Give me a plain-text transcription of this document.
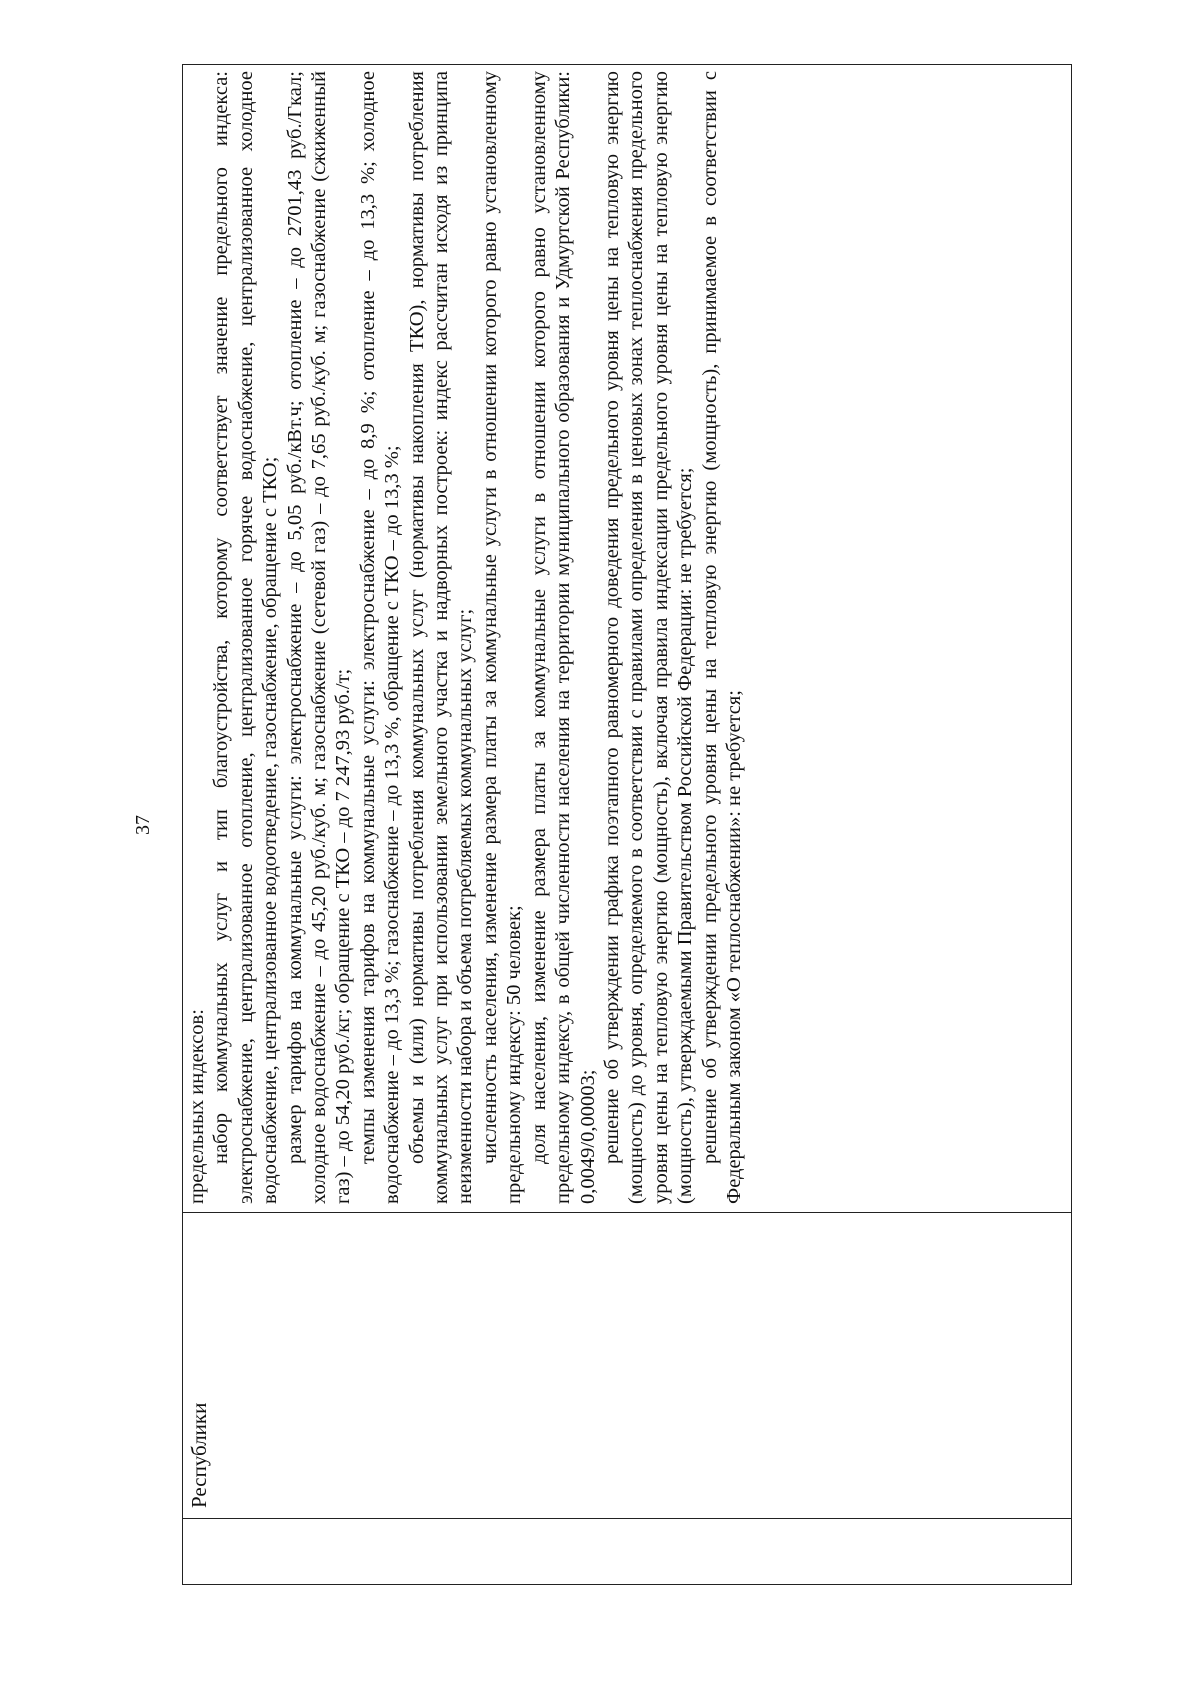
37

Республики

предельных индексов: набор коммунальных услуг и тип благоустройства, которому соответствует значение предельного индекса: электроснабжение, централизованное отопление, централизованное горячее водоснабжение, централизованное холодное водоснабжение, централизованное водоотведение, газоснабжение, обращение с ТКО; размер тарифов на коммунальные услуги: электроснабжение – до 5,05 руб./кВт.ч; отопление – до 2701,43 руб./Гкал; холодное водоснабжение – до 45,20 руб./куб. м; газоснабжение (сетевой газ) – до 7,65 руб./куб. м; газоснабжение (сжиженный газ) – до 54,20 руб./кг; обращение с ТКО – до 7 247,93 руб./т; темпы изменения тарифов на коммунальные услуги: электроснабжение – до 8,9 %; отопление – до 13,3 %; холодное водоснабжение – до 13,3 %; газоснабжение – до 13,3 %, обращение с ТКО – до 13,3 %; объемы и (или) нормативы потребления коммунальных услуг (нормативы накопления ТКО), нормативы потребления коммунальных услуг при использовании земельного участка и надворных построек: индекс рассчитан исходя из принципа неизменности набора и объема потребляемых коммунальных услуг; численность населения, изменение размера платы за коммунальные услуги в отношении которого равно установленному предельному индексу: 50 человек; доля населения, изменение размера платы за коммунальные услуги в отношении которого равно установленному предельному индексу, в общей численности населения на территории муниципального образования и Удмуртской Республики: 0,0049/0,00003; решение об утверждении графика поэтапного равномерного доведения предельного уровня цены на тепловую энергию (мощность) до уровня, определяемого в соответствии с правилами определения в ценовых зонах теплоснабжения предельного уровня цены на тепловую энергию (мощность), включая правила индексации предельного уровня цены на тепловую энергию (мощность), утверждаемыми Правительством Российской Федерации: не требуется; решение об утверждении предельного уровня цены на тепловую энергию (мощность), принимаемое в соответствии с Федеральным законом «О теплоснабжении»: не требуется;
